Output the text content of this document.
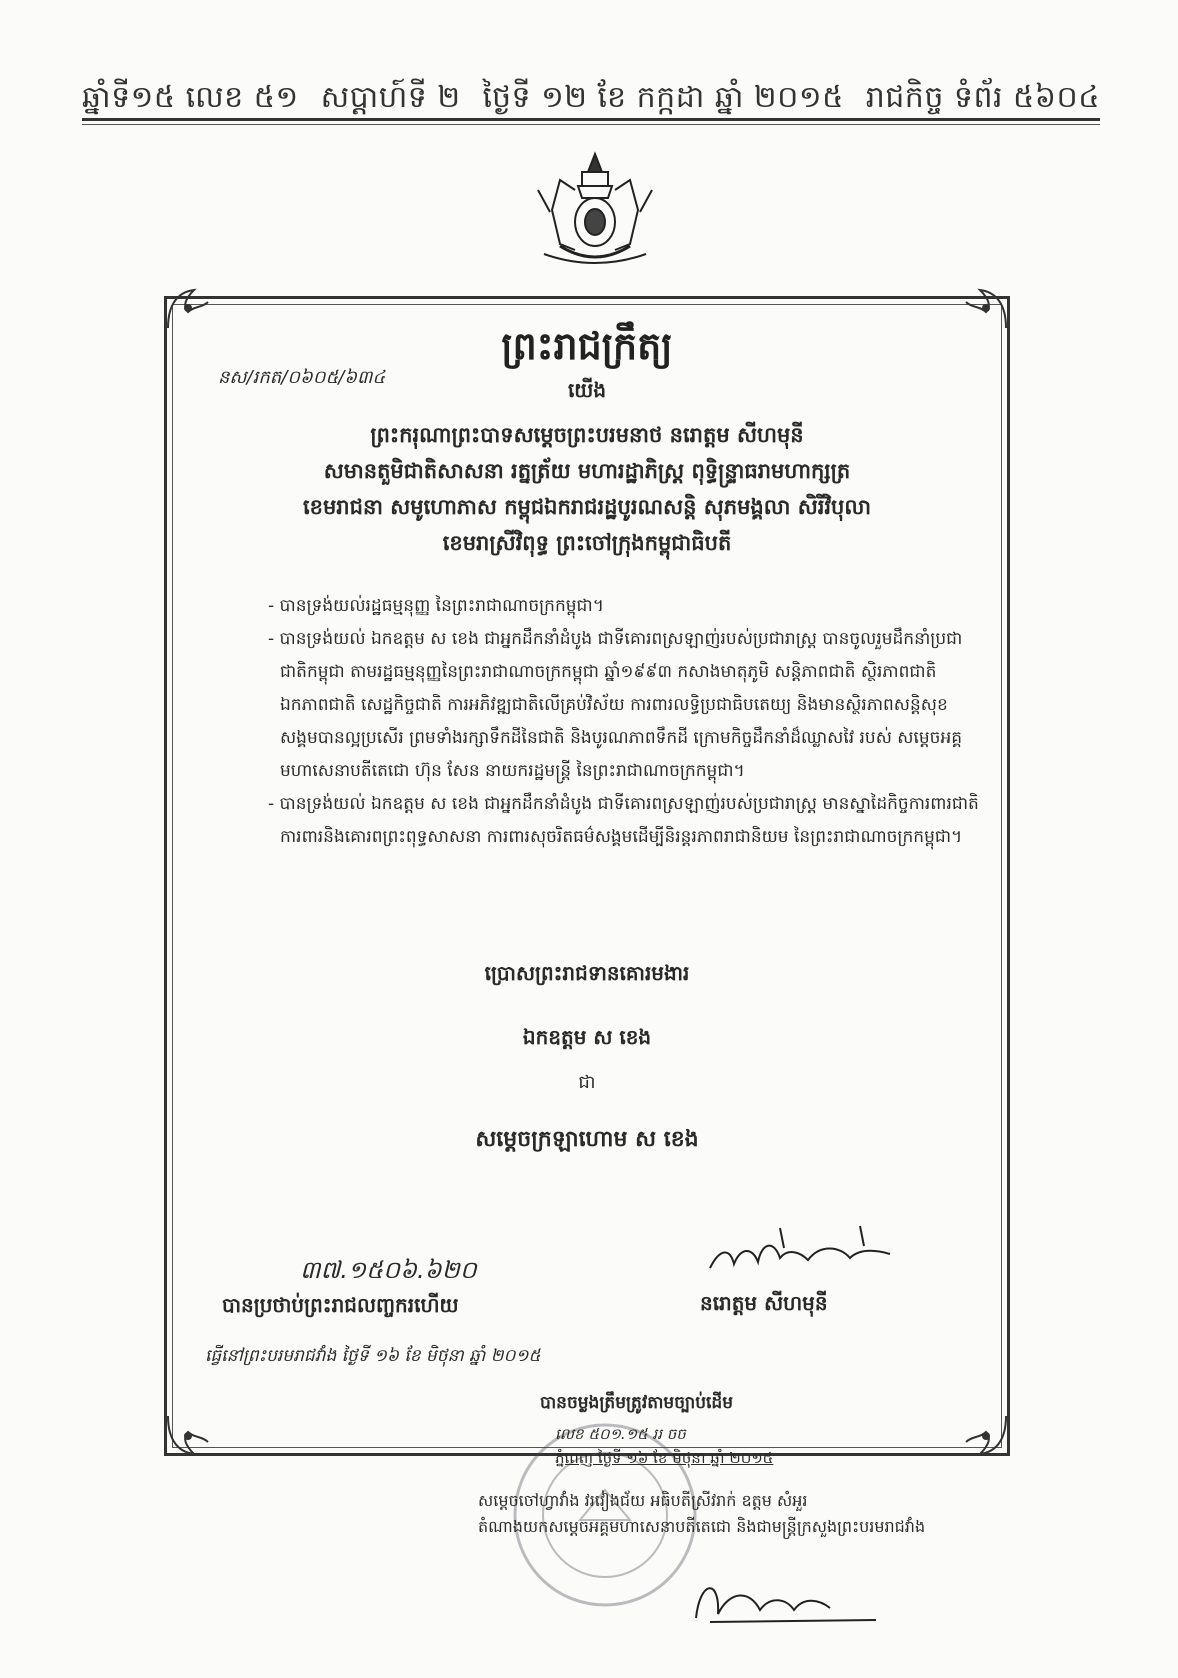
ឆ្នាំទី១៥ លេខ ៥១ សប្តាហ៍ទី ២ ថ្ងៃទី ១២ ខែ កក្កដា ឆ្នាំ ២០១៥ រាជកិច្ច ទំព័រ ៥៦០៤
ព្រះរាជក្រឹត្យ
នស/រកត/០៦០៥/៦៣៤
យើង
ព្រះករុណាព្រះបាទសម្តេចព្រះបរមនាថ នរោត្តម សីហមុនី
សមានតួមិជាតិសាសនា រត្នត្រ័យ មហារដ្ឋាភិស្រ្ត ពុទ្ធិន្ទ្រាធរាមហាក្សត្រ
ខេមរាជនា សមូហោភាស កម្ពុជឯករាជរដ្ឋបូរណសន្តិ សុភមង្គលា សិរីវិបុលា
ខេមរាស្រីវិពុទ្ធ ព្រះចៅក្រុងកម្ពុជាធិបតី

- បានទ្រង់យល់រដ្ឋធម្មនុញ្ញ នៃព្រះរាជាណាចក្រកម្ពុជា។

- បានទ្រង់យល់ ឯកឧត្តម ស ខេង ជាអ្នកដឹកនាំដំបូង ជាទីគោរពស្រឡាញ់របស់ប្រជារាស្ត្រ បានចូលរួមដឹកនាំប្រជាជាតិកម្ពុជា តាមរដ្ឋធម្មនុញ្ញនៃព្រះរាជាណាចក្រកម្ពុជា ឆ្នាំ១៩៩៣ កសាងមាតុភូមិ សន្តិភាពជាតិ ស្ថិរភាពជាតិ ឯកភាពជាតិ សេដ្ឋកិច្ចជាតិ ការអភិវឌ្ឍជាតិលើគ្រប់វិស័យ ការពារលទ្ធិប្រជាធិបតេយ្យ និងមានស្ថិរភាពសន្តិសុខ សង្គមបានល្អប្រសើរ ព្រមទាំងរក្សាទឹកដីនៃជាតិ និងបូរណភាពទឹកដី ក្រោមកិច្ចដឹកនាំដ៏ឈ្លាសវៃ របស់ សម្តេចអគ្គមហាសេនាបតីតេជោ ហ៊ុន សែន នាយករដ្ឋមន្ត្រី នៃព្រះរាជាណាចក្រកម្ពុជា។

- បានទ្រង់យល់ ឯកឧត្តម ស ខេង ជាអ្នកដឹកនាំដំបូង ជាទីគោរពស្រឡាញ់របស់ប្រជារាស្ត្រ មានស្នាដៃកិច្ចការពារជាតិ ការពារនិងគោរពព្រះពុទ្ធសាសនា ការពារសុចរិតធម៌សង្គមដើម្បីនិរន្តរភាពរាជានិយម នៃព្រះរាជាណាចក្រកម្ពុជា។

ប្រោសព្រះរាជទានគោរមងារ
ឯកឧត្តម ស ខេង
ជា
សម្តេចក្រឡាហោម ស ខេង
៣៧.១៥០៦.៦២០
បានប្រថាប់ព្រះរាជលញ្ចករហើយ	នរោត្តម សីហមុនី
ធ្វើនៅព្រះបរមរាជវាំង ថ្ងៃទី ១៦ ខែ មិថុនា ឆ្នាំ ២០១៥
បានចម្លងត្រឹមត្រូវតាមច្បាប់ដើម
លេខ ៥០១.១៥ ររ ចច
ភ្នំពេញ ថ្ងៃទី ១៦ ខែ មិថុនា ឆ្នាំ ២០១៥
សម្តេចចៅហ្វាវាំង វរវៀងជ័យ អធិបតីស្រីវរាក់ ឧត្តម សំអួរ
តំណាងយកសម្តេចអគ្គមហាសេនាបតីតេជោ និងជាមន្ត្រីក្រសួងព្រះបរមរាជវាំង
